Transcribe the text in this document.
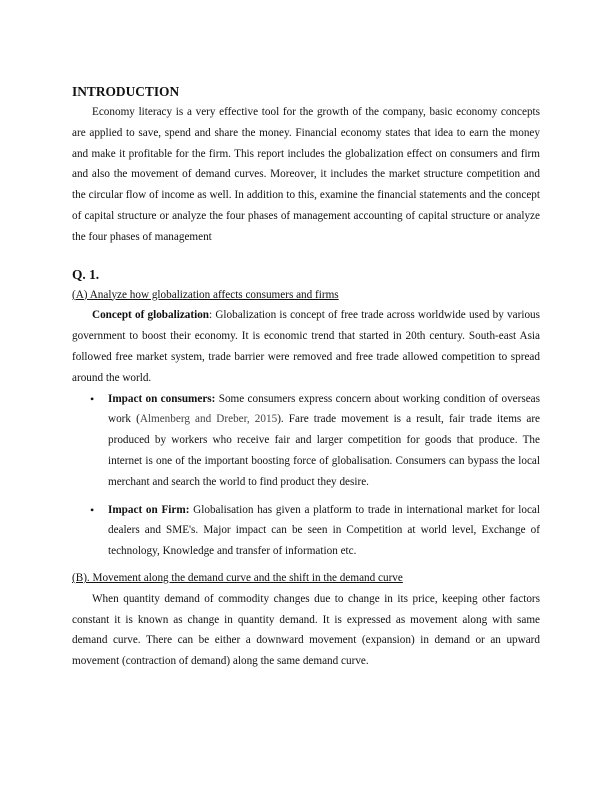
INTRODUCTION

Economy literacy is a very effective tool for the growth of the company, basic economy concepts are applied to save, spend and share the money. Financial economy states that idea to earn the money and make it profitable for the firm. This report includes the globalization effect on consumers and firm and also the movement of demand curves. Moreover, it includes the market structure competition and the circular flow of income as well. In addition to this, examine the financial statements and the concept of capital structure or analyze the four phases of management accounting of capital structure or analyze the four phases of management

Q. 1.

(A) Analyze how globalization affects consumers and firms

Concept of globalization: Globalization is concept of free trade across worldwide used by various government to boost their economy. It is economic trend that started in 20th century. South-east Asia followed free market system, trade barrier were removed and free trade allowed competition to spread around the world.

• Impact on consumers: Some consumers express concern about working condition of overseas work (Almenberg and Dreber, 2015). Fare trade movement is a result, fair trade items are produced by workers who receive fair and larger competition for goods that produce. The internet is one of the important boosting force of globalisation. Consumers can bypass the local merchant and search the world to find product they desire.
• Impact on Firm: Globalisation has given a platform to trade in international market for local dealers and SME's. Major impact can be seen in Competition at world level, Exchange of technology, Knowledge and transfer of information etc.

(B). Movement along the demand curve and the shift in the demand curve

When quantity demand of commodity changes due to change in its price, keeping other factors constant it is known as change in quantity demand. It is expressed as movement along with same demand curve. There can be either a downward movement (expansion) in demand or an upward movement (contraction of demand) along the same demand curve.
